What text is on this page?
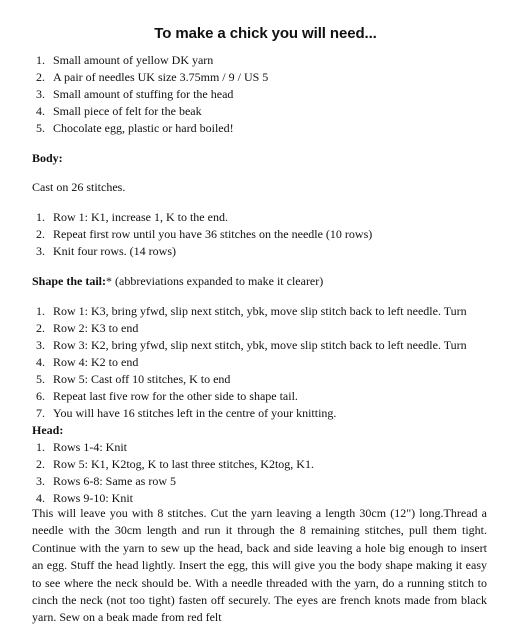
To make a chick you will need...
1. Small amount of yellow DK yarn
2. A pair of needles UK size 3.75mm / 9 / US 5
3. Small amount of stuffing for the head
4. Small piece of felt for the beak
5. Chocolate egg, plastic or hard boiled!
Body:
Cast on 26 stitches.
1. Row 1: K1, increase 1, K to the end.
2. Repeat first row until you have 36 stitches on the needle (10 rows)
3. Knit four rows. (14 rows)
Shape the tail:* (abbreviations expanded to make it clearer)
1. Row 1: K3, bring yfwd, slip next stitch, ybk, move slip stitch back to left needle. Turn
2. Row 2: K3 to end
3. Row 3: K2, bring yfwd, slip next stitch, ybk, move slip stitch back to left needle. Turn
4. Row 4: K2 to end
5. Row 5: Cast off 10 stitches, K to end
6. Repeat last five row for the other side to shape tail.
7. You will have 16 stitches left in the centre of your knitting.
Head:
1. Rows 1-4: Knit
2. Row 5: K1, K2tog, K to last three stitches, K2tog, K1.
3. Rows 6-8: Same as row 5
4. Rows 9-10: Knit
This will leave you with 8 stitches. Cut the yarn leaving a length 30cm (12") long.Thread a needle with the 30cm length and run it through the 8 remaining stitches, pull them tight. Continue with the yarn to sew up the head, back and side leaving a hole big enough to insert an egg. Stuff the head lightly. Insert the egg, this will give you the body shape making it easy to see where the neck should be. With a needle threaded with the yarn, do a running stitch to cinch the neck (not too tight) fasten off securely. The eyes are french knots made from black yarn. Sew on a beak made from red felt
